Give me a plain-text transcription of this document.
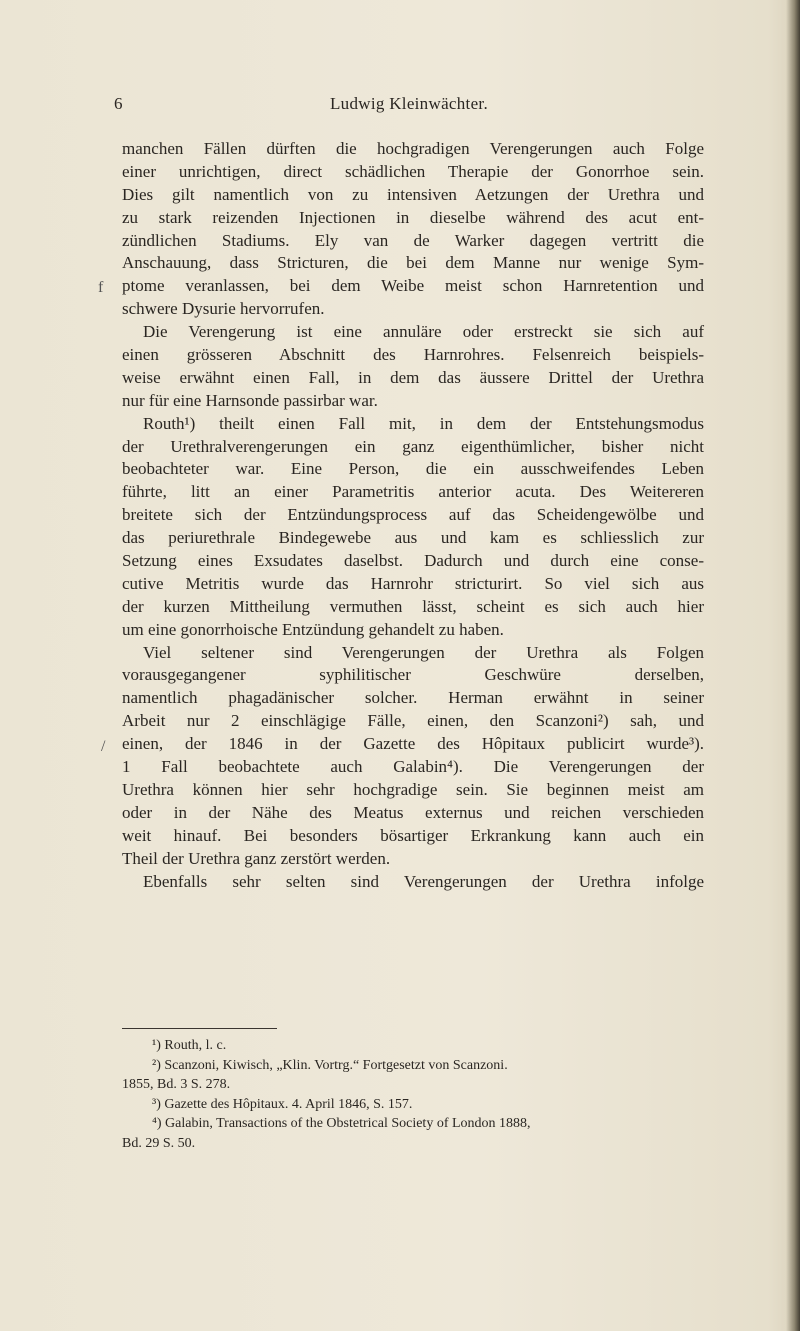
6	Ludwig Kleinwächter.
manchen Fällen dürften die hochgradigen Verengerungen auch Folge
einer unrichtigen, direct schädlichen Therapie der Gonorrhoe sein.
Dies gilt namentlich von zu intensiven Aetzungen der Urethra und
zu stark reizenden Injectionen in dieselbe während des acut ent-
zündlichen Stadiums. Ely van de Warker dagegen vertritt die
Anschauung, dass Stricturen, die bei dem Manne nur wenige Sym-
ptome veranlassen, bei dem Weibe meist schon Harnretention und
schwere Dysurie hervorrufen.
Die Verengerung ist eine annuläre oder erstreckt sie sich auf
einen grösseren Abschnitt des Harnrohres. Felsenreich beispiels-
weise erwähnt einen Fall, in dem das äussere Drittel der Urethra
nur für eine Harnsonde passirbar war.
Routh¹) theilt einen Fall mit, in dem der Entstehungsmodus
der Urethralverengerungen ein ganz eigenthümlicher, bisher nicht
beobachteter war. Eine Person, die ein ausschweifendes Leben
führte, litt an einer Parametritis anterior acuta. Des Weitereren
breitete sich der Entzündungsprocess auf das Scheidengewölbe und
das periurethrale Bindegewebe aus und kam es schliesslich zur
Setzung eines Exsudates daselbst. Dadurch und durch eine conse-
cutive Metritis wurde das Harnrohr stricturirt. So viel sich aus
der kurzen Mittheilung vermuthen lässt, scheint es sich auch hier
um eine gonorrhoische Entzündung gehandelt zu haben.
Viel seltener sind Verengerungen der Urethra als Folgen
vorausgegangener syphilitischer Geschwüre derselben,
namentlich phagadänischer solcher. Herman erwähnt in seiner
Arbeit nur 2 einschlägige Fälle, einen, den Scanzoni²) sah, und
einen, der 1846 in der Gazette des Hôpitaux publicirt wurde³).
1 Fall beobachtete auch Galabin⁴). Die Verengerungen der
Urethra können hier sehr hochgradige sein. Sie beginnen meist am
oder in der Nähe des Meatus externus und reichen verschieden
weit hinauf. Bei besonders bösartiger Erkrankung kann auch ein
Theil der Urethra ganz zerstört werden.
Ebenfalls sehr selten sind Verengerungen der Urethra infolge
¹) Routh, l. c.
²) Scanzoni, Kiwisch, „Klin. Vortrg.“ Fortgesetzt von Scanzoni.
1855, Bd. 3 S. 278.
³) Gazette des Hôpitaux. 4. April 1846, S. 157.
⁴) Galabin, Transactions of the Obstetrical Society of London 1888,
Bd. 29 S. 50.
f
/
